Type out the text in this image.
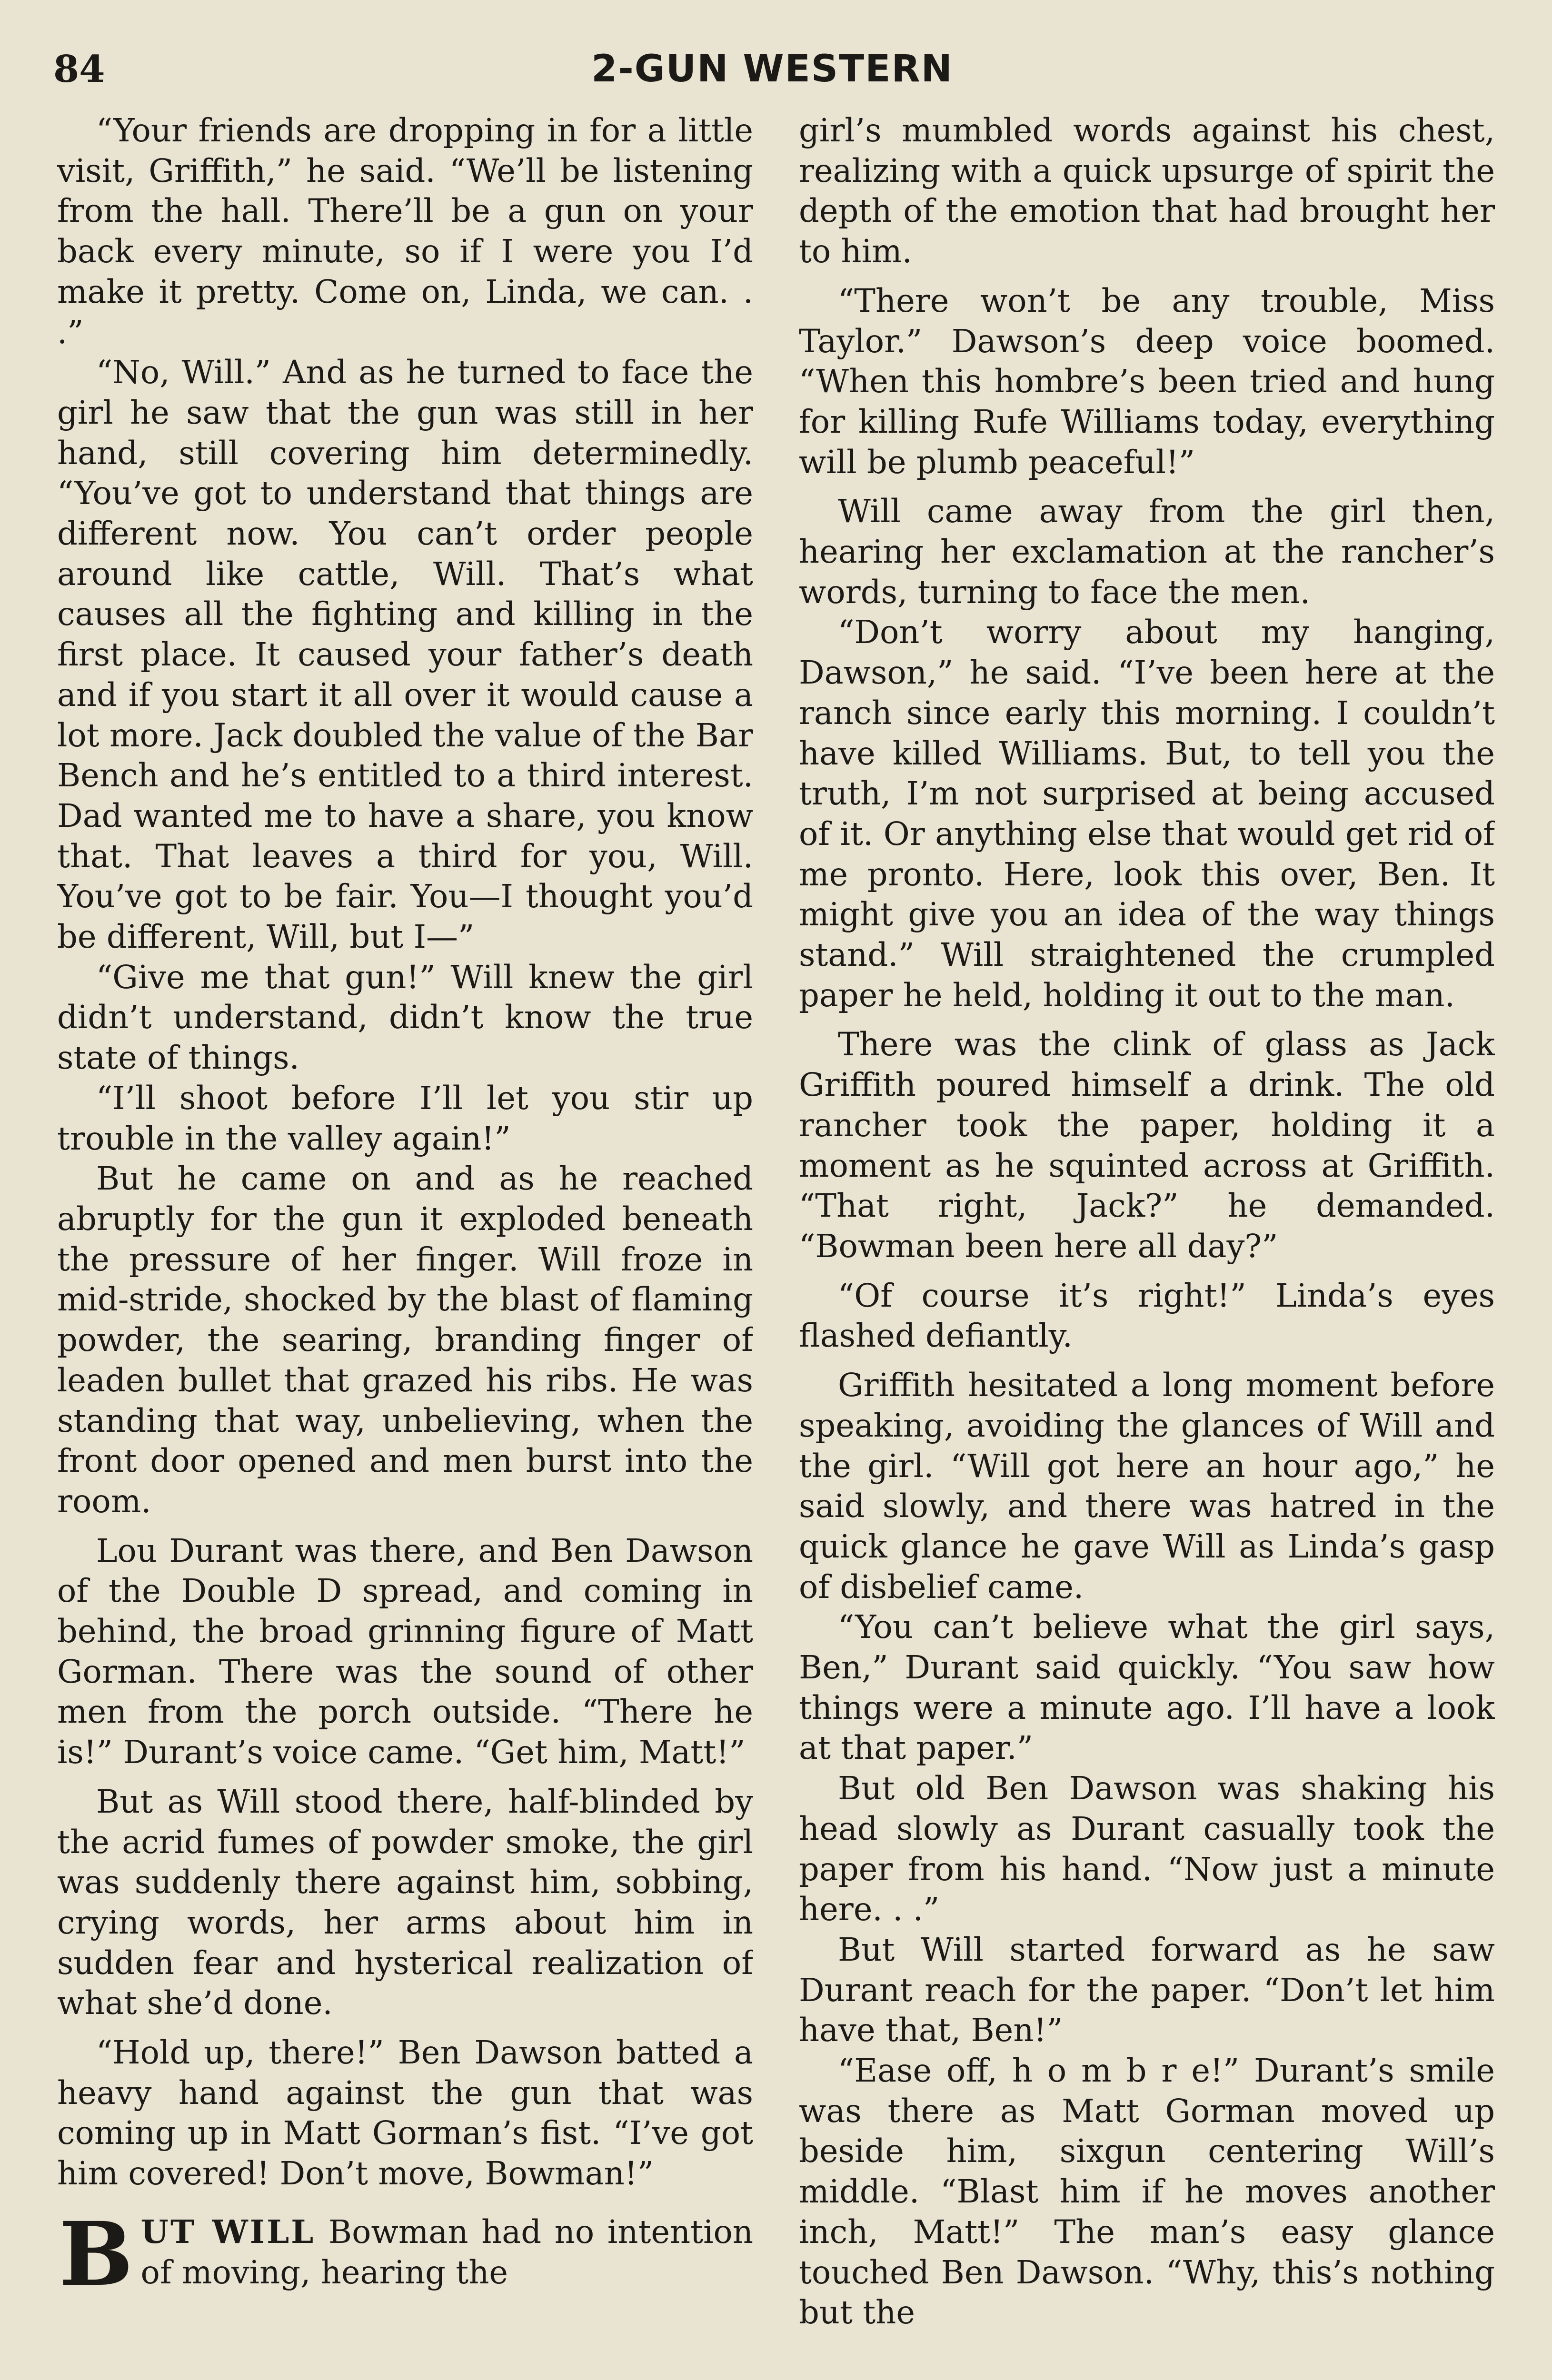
84	2-GUN WESTERN

“Your friends are dropping in for a little visit, Griffith,” he said. “We’ll be listening from the hall. There’ll be a gun on your back every minute, so if I were you I’d make it pretty. Come on, Linda, we can. . .”

“No, Will.” And as he turned to face the girl he saw that the gun was still in her hand, still covering him determinedly. “You’ve got to understand that things are different now. You can’t order people around like cattle, Will. That’s what causes all the fighting and killing in the first place. It caused your father’s death and if you start it all over it would cause a lot more. Jack doubled the value of the Bar Bench and he’s entitled to a third interest. Dad wanted me to have a share, you know that. That leaves a third for you, Will. You’ve got to be fair. You—I thought you’d be different, Will, but I—”

“Give me that gun!” Will knew the girl didn’t understand, didn’t know the true state of things.

“I’ll shoot before I’ll let you stir up trouble in the valley again!”

But he came on and as he reached abruptly for the gun it exploded beneath the pressure of her finger. Will froze in mid-stride, shocked by the blast of flaming powder, the searing, branding finger of leaden bullet that grazed his ribs. He was standing that way, unbelieving, when the front door opened and men burst into the room.

Lou Durant was there, and Ben Dawson of the Double D spread, and coming in behind, the broad grinning figure of Matt Gorman. There was the sound of other men from the porch outside. “There he is!” Durant’s voice came. “Get him, Matt!”

But as Will stood there, half-blinded by the acrid fumes of powder smoke, the girl was suddenly there against him, sobbing, crying words, her arms about him in sudden fear and hysterical realization of what she’d done.

“Hold up, there!” Ben Dawson batted a heavy hand against the gun that was coming up in Matt Gorman’s fist. “I’ve got him covered! Don’t move, Bowman!”

BUT WILL Bowman had no intention of moving, hearing the

girl’s mumbled words against his chest, realizing with a quick upsurge of spirit the depth of the emotion that had brought her to him.

“There won’t be any trouble, Miss Taylor.” Dawson’s deep voice boomed. “When this hombre’s been tried and hung for killing Rufe Williams today, everything will be plumb peaceful!”

Will came away from the girl then, hearing her exclamation at the rancher’s words, turning to face the men.

“Don’t worry about my hanging, Dawson,” he said. “I’ve been here at the ranch since early this morning. I couldn’t have killed Williams. But, to tell you the truth, I’m not surprised at being accused of it. Or anything else that would get rid of me pronto. Here, look this over, Ben. It might give you an idea of the way things stand.” Will straightened the crumpled paper he held, holding it out to the man.

There was the clink of glass as Jack Griffith poured himself a drink. The old rancher took the paper, holding it a moment as he squinted across at Griffith. “That right, Jack?” he demanded. “Bowman been here all day?”

“Of course it’s right!” Linda’s eyes flashed defiantly.

Griffith hesitated a long moment before speaking, avoiding the glances of Will and the girl. “Will got here an hour ago,” he said slowly, and there was hatred in the quick glance he gave Will as Linda’s gasp of disbelief came.

“You can’t believe what the girl says, Ben,” Durant said quickly. “You saw how things were a minute ago. I’ll have a look at that paper.”

But old Ben Dawson was shaking his head slowly as Durant casually took the paper from his hand. “Now just a minute here. . .”

But Will started forward as he saw Durant reach for the paper. “Don’t let him have that, Ben!”

“Ease off, h o m b r e!” Durant’s smile was there as Matt Gorman moved up beside him, sixgun centering Will’s middle. “Blast him if he moves another inch, Matt!” The man’s easy glance touched Ben Dawson. “Why, this’s nothing but the
